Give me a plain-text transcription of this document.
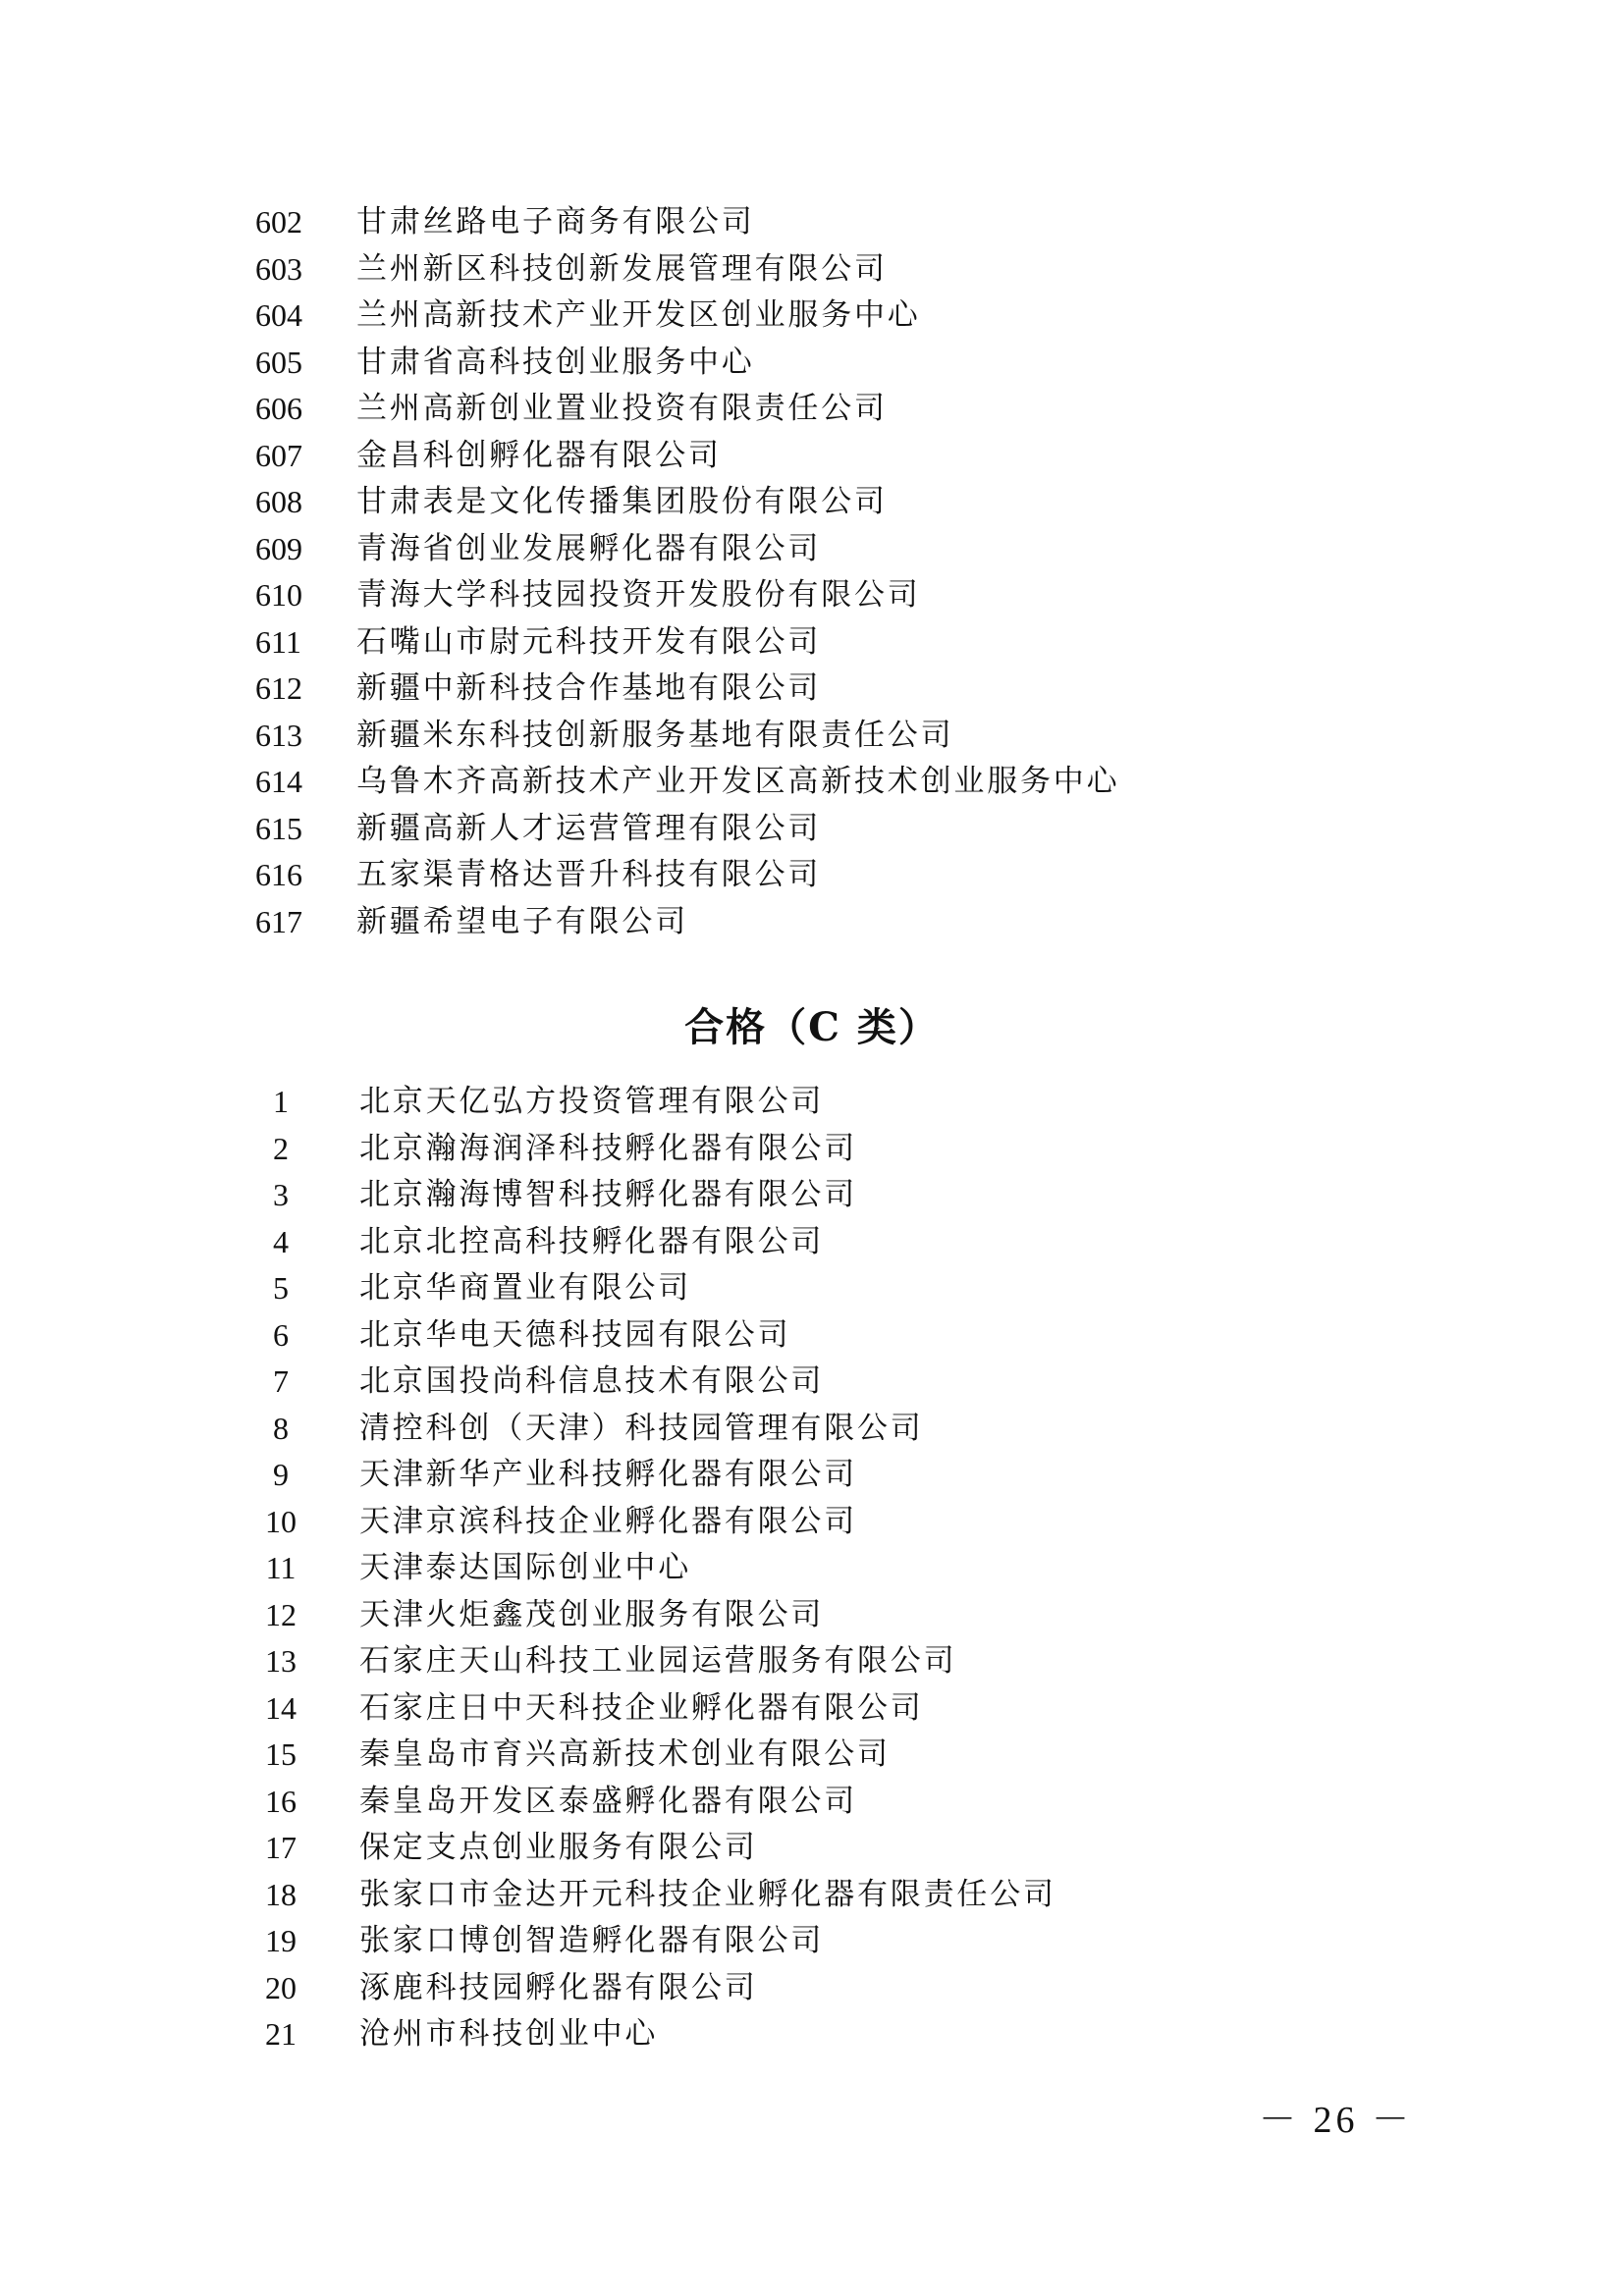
602	甘肃丝路电子商务有限公司
603	兰州新区科技创新发展管理有限公司
604	兰州高新技术产业开发区创业服务中心
605	甘肃省高科技创业服务中心
606	兰州高新创业置业投资有限责任公司
607	金昌科创孵化器有限公司
608	甘肃表是文化传播集团股份有限公司
609	青海省创业发展孵化器有限公司
610	青海大学科技园投资开发股份有限公司
611	石嘴山市尉元科技开发有限公司
612	新疆中新科技合作基地有限公司
613	新疆米东科技创新服务基地有限责任公司
614	乌鲁木齐高新技术产业开发区高新技术创业服务中心
615	新疆高新人才运营管理有限公司
616	五家渠青格达晋升科技有限公司
617	新疆希望电子有限公司
合格（C 类）
1	北京天亿弘方投资管理有限公司
2	北京瀚海润泽科技孵化器有限公司
3	北京瀚海博智科技孵化器有限公司
4	北京北控高科技孵化器有限公司
5	北京华商置业有限公司
6	北京华电天德科技园有限公司
7	北京国投尚科信息技术有限公司
8	清控科创（天津）科技园管理有限公司
9	天津新华产业科技孵化器有限公司
10	天津京滨科技企业孵化器有限公司
11	天津泰达国际创业中心
12	天津火炬鑫茂创业服务有限公司
13	石家庄天山科技工业园运营服务有限公司
14	石家庄日中天科技企业孵化器有限公司
15	秦皇岛市育兴高新技术创业有限公司
16	秦皇岛开发区泰盛孵化器有限公司
17	保定支点创业服务有限公司
18	张家口市金达开元科技企业孵化器有限责任公司
19	张家口博创智造孵化器有限公司
20	涿鹿科技园孵化器有限公司
21	沧州市科技创业中心
－ 26 －
